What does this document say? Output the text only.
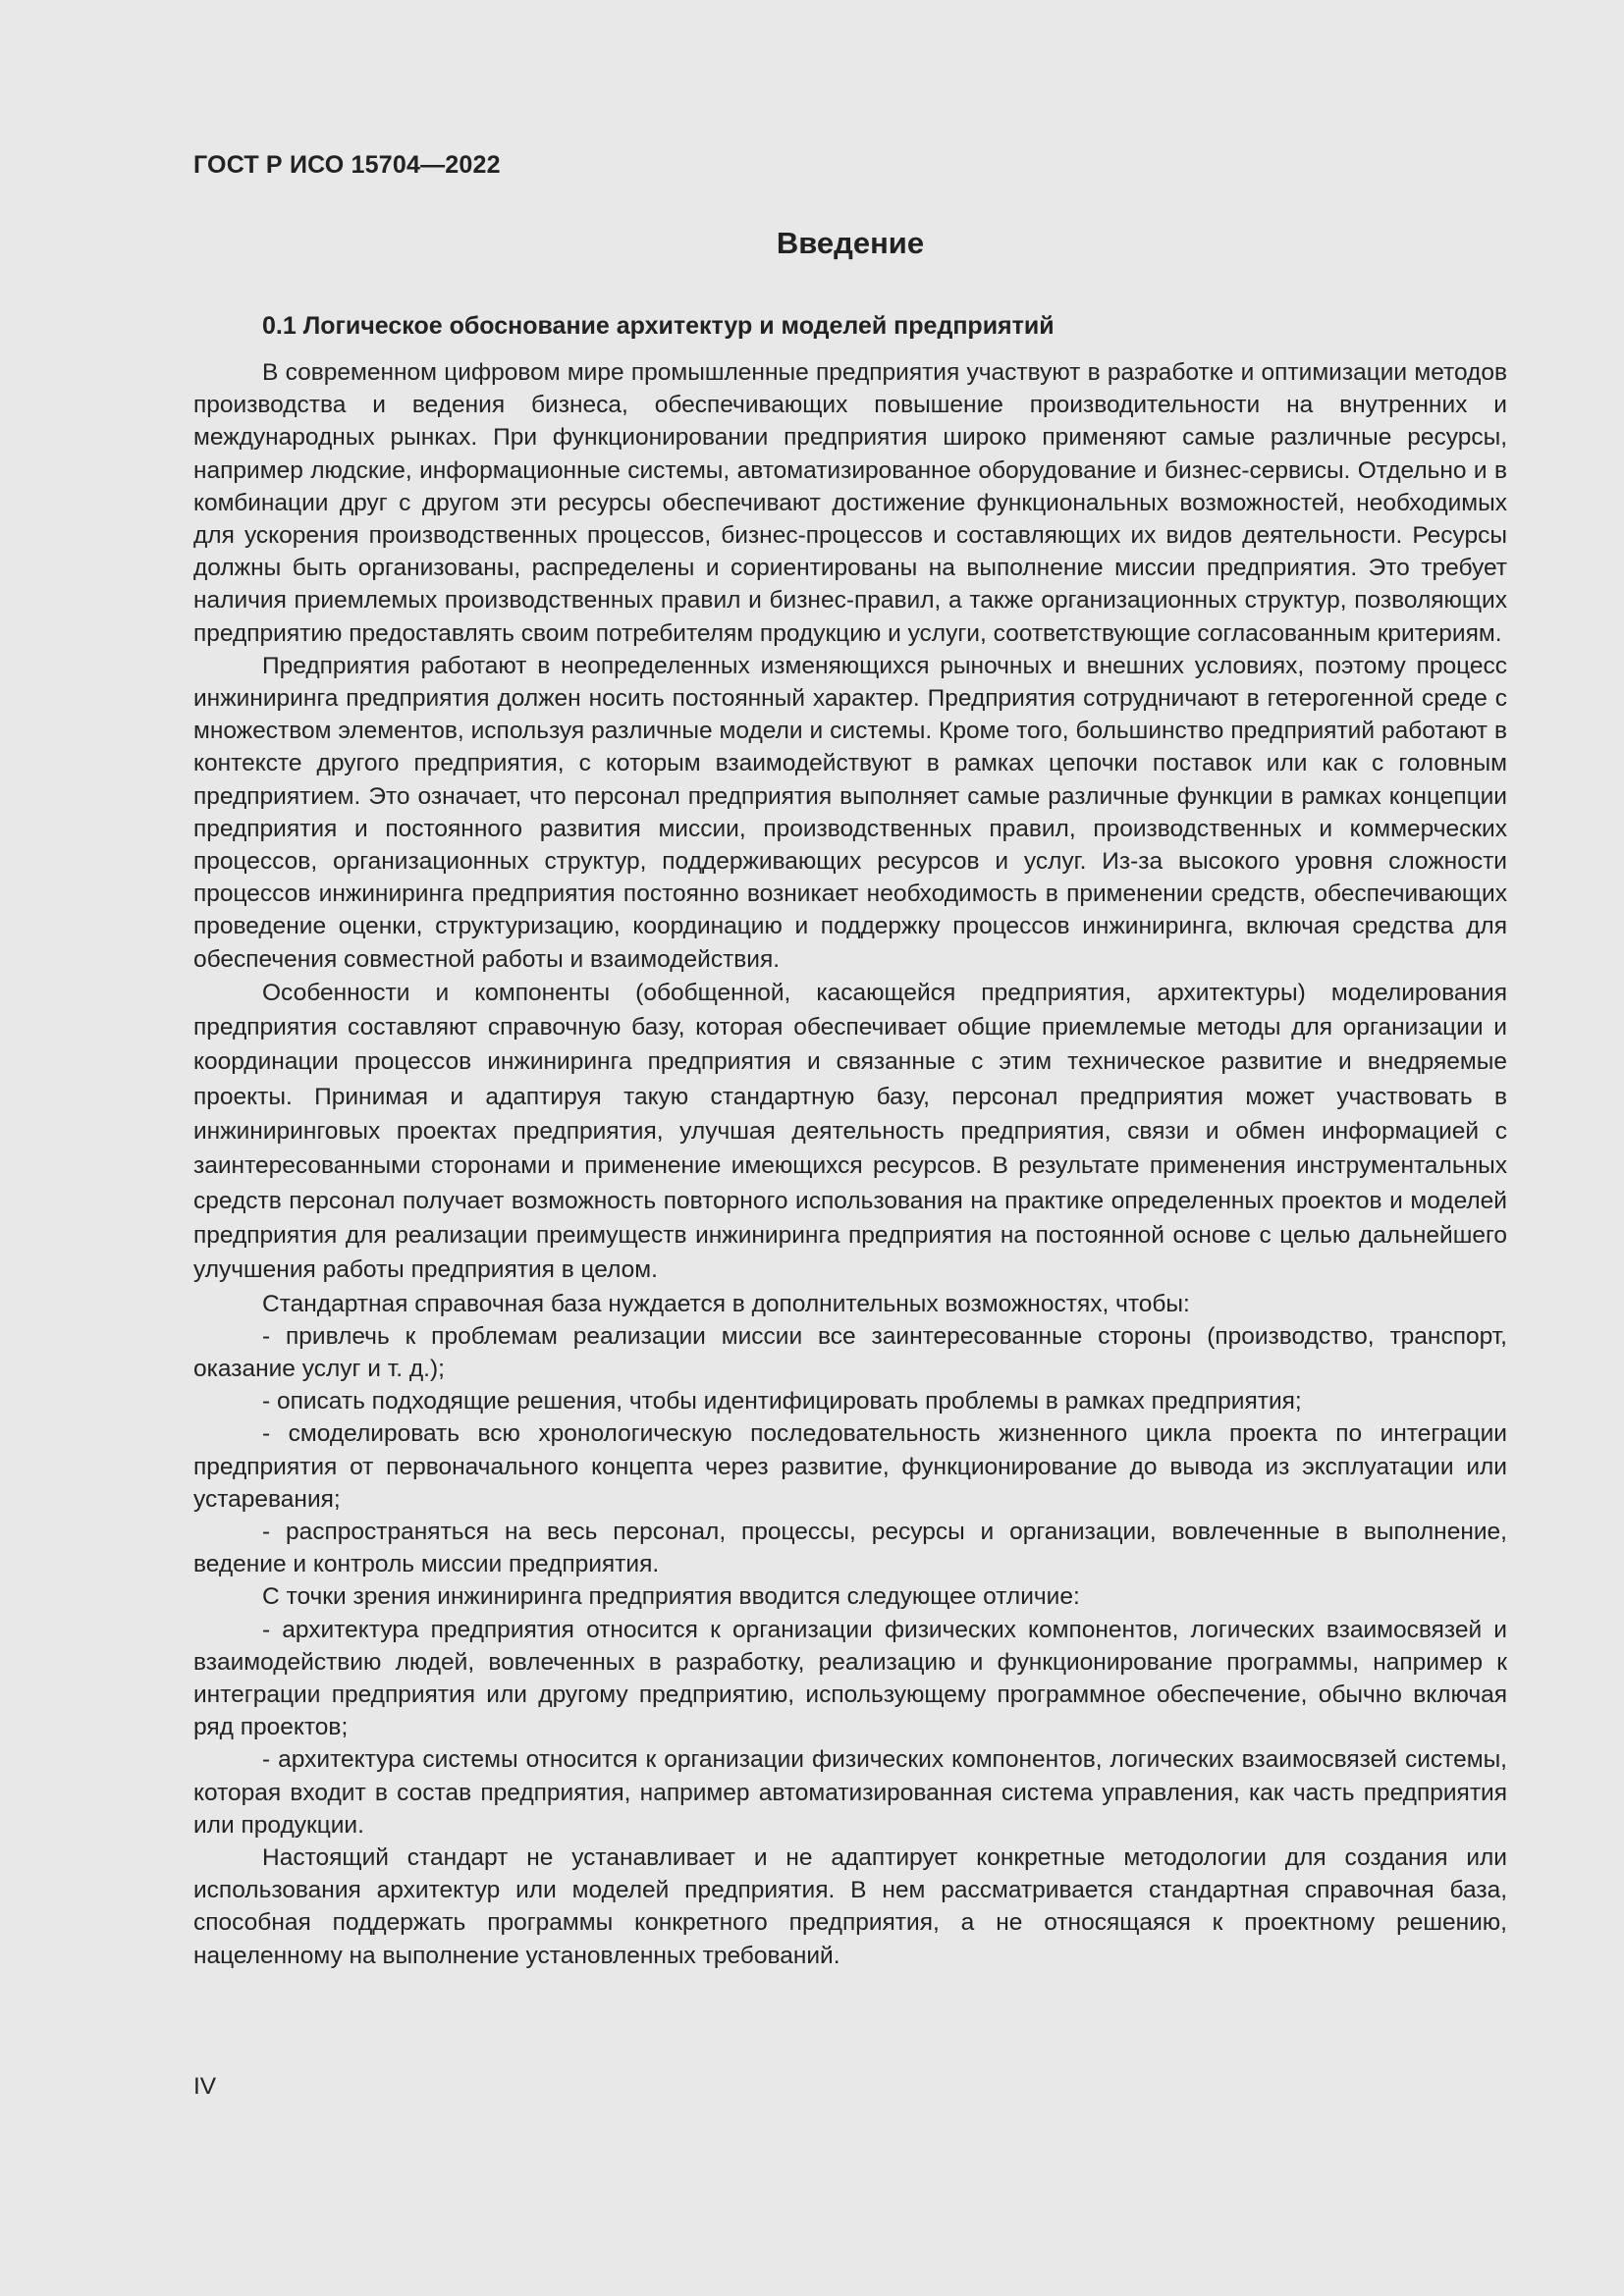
ГОСТ Р ИСО 15704—2022

Введение
0.1 Логическое обоснование архитектур и моделей предприятий

В современном цифровом мире промышленные предприятия участвуют в разработке и оптимизации методов производства и ведения бизнеса, обеспечивающих повышение производительности на внутренних и международных рынках. При функционировании предприятия широко применяют самые различные ресурсы, например людские, информационные системы, автоматизированное оборудование и бизнес-сервисы. Отдельно и в комбинации друг с другом эти ресурсы обеспечивают достижение функциональных возможностей, необходимых для ускорения производственных процессов, бизнес-процессов и составляющих их видов деятельности. Ресурсы должны быть организованы, распределены и сориентированы на выполнение миссии предприятия. Это требует наличия приемлемых производственных правил и бизнес-правил, а также организационных структур, позволяющих предприятию предоставлять своим потребителям продукцию и услуги, соответствующие согласованным критериям.

Предприятия работают в неопределенных изменяющихся рыночных и внешних условиях, поэтому процесс инжиниринга предприятия должен носить постоянный характер. Предприятия сотрудничают в гетерогенной среде с множеством элементов, используя различные модели и системы. Кроме того, большинство предприятий работают в контексте другого предприятия, с которым взаимодействуют в рамках цепочки поставок или как с головным предприятием. Это означает, что персонал предприятия выполняет самые различные функции в рамках концепции предприятия и постоянного развития миссии, производственных правил, производственных и коммерческих процессов, организационных структур, поддерживающих ресурсов и услуг. Из-за высокого уровня сложности процессов инжиниринга предприятия постоянно возникает необходимость в применении средств, обеспечивающих проведение оценки, структуризацию, координацию и поддержку процессов инжиниринга, включая средства для обеспечения совместной работы и взаимодействия.

Особенности и компоненты (обобщенной, касающейся предприятия, архитектуры) моделирования предприятия составляют справочную базу, которая обеспечивает общие приемлемые методы для организации и координации процессов инжиниринга предприятия и связанные с этим техническое развитие и внедряемые проекты. Принимая и адаптируя такую стандартную базу, персонал предприятия может участвовать в инжиниринговых проектах предприятия, улучшая деятельность предприятия, связи и обмен информацией с заинтересованными сторонами и применение имеющихся ресурсов. В результате применения инструментальных средств персонал получает возможность повторного использования на практике определенных проектов и моделей предприятия для реализации преимуществ инжиниринга предприятия на постоянной основе с целью дальнейшего улучшения работы предприятия в целом.

Стандартная справочная база нуждается в дополнительных возможностях, чтобы:

- привлечь к проблемам реализации миссии все заинтересованные стороны (производство, транспорт, оказание услуг и т. д.);

- описать подходящие решения, чтобы идентифицировать проблемы в рамках предприятия;

- смоделировать всю хронологическую последовательность жизненного цикла проекта по интеграции предприятия от первоначального концепта через развитие, функционирование до вывода из эксплуатации или устаревания;

- распространяться на весь персонал, процессы, ресурсы и организации, вовлеченные в выполнение, ведение и контроль миссии предприятия.

С точки зрения инжиниринга предприятия вводится следующее отличие:

- архитектура предприятия относится к организации физических компонентов, логических взаимосвязей и взаимодействию людей, вовлеченных в разработку, реализацию и функционирование программы, например к интеграции предприятия или другому предприятию, использующему программное обеспечение, обычно включая ряд проектов;

- архитектура системы относится к организации физических компонентов, логических взаимосвязей системы, которая входит в состав предприятия, например автоматизированная система управления, как часть предприятия или продукции.

Настоящий стандарт не устанавливает и не адаптирует конкретные методологии для создания или использования архитектур или моделей предприятия. В нем рассматривается стандартная справочная база, способная поддержать программы конкретного предприятия, а не относящаяся к проектному решению, нацеленному на выполнение установленных требований.

IV
